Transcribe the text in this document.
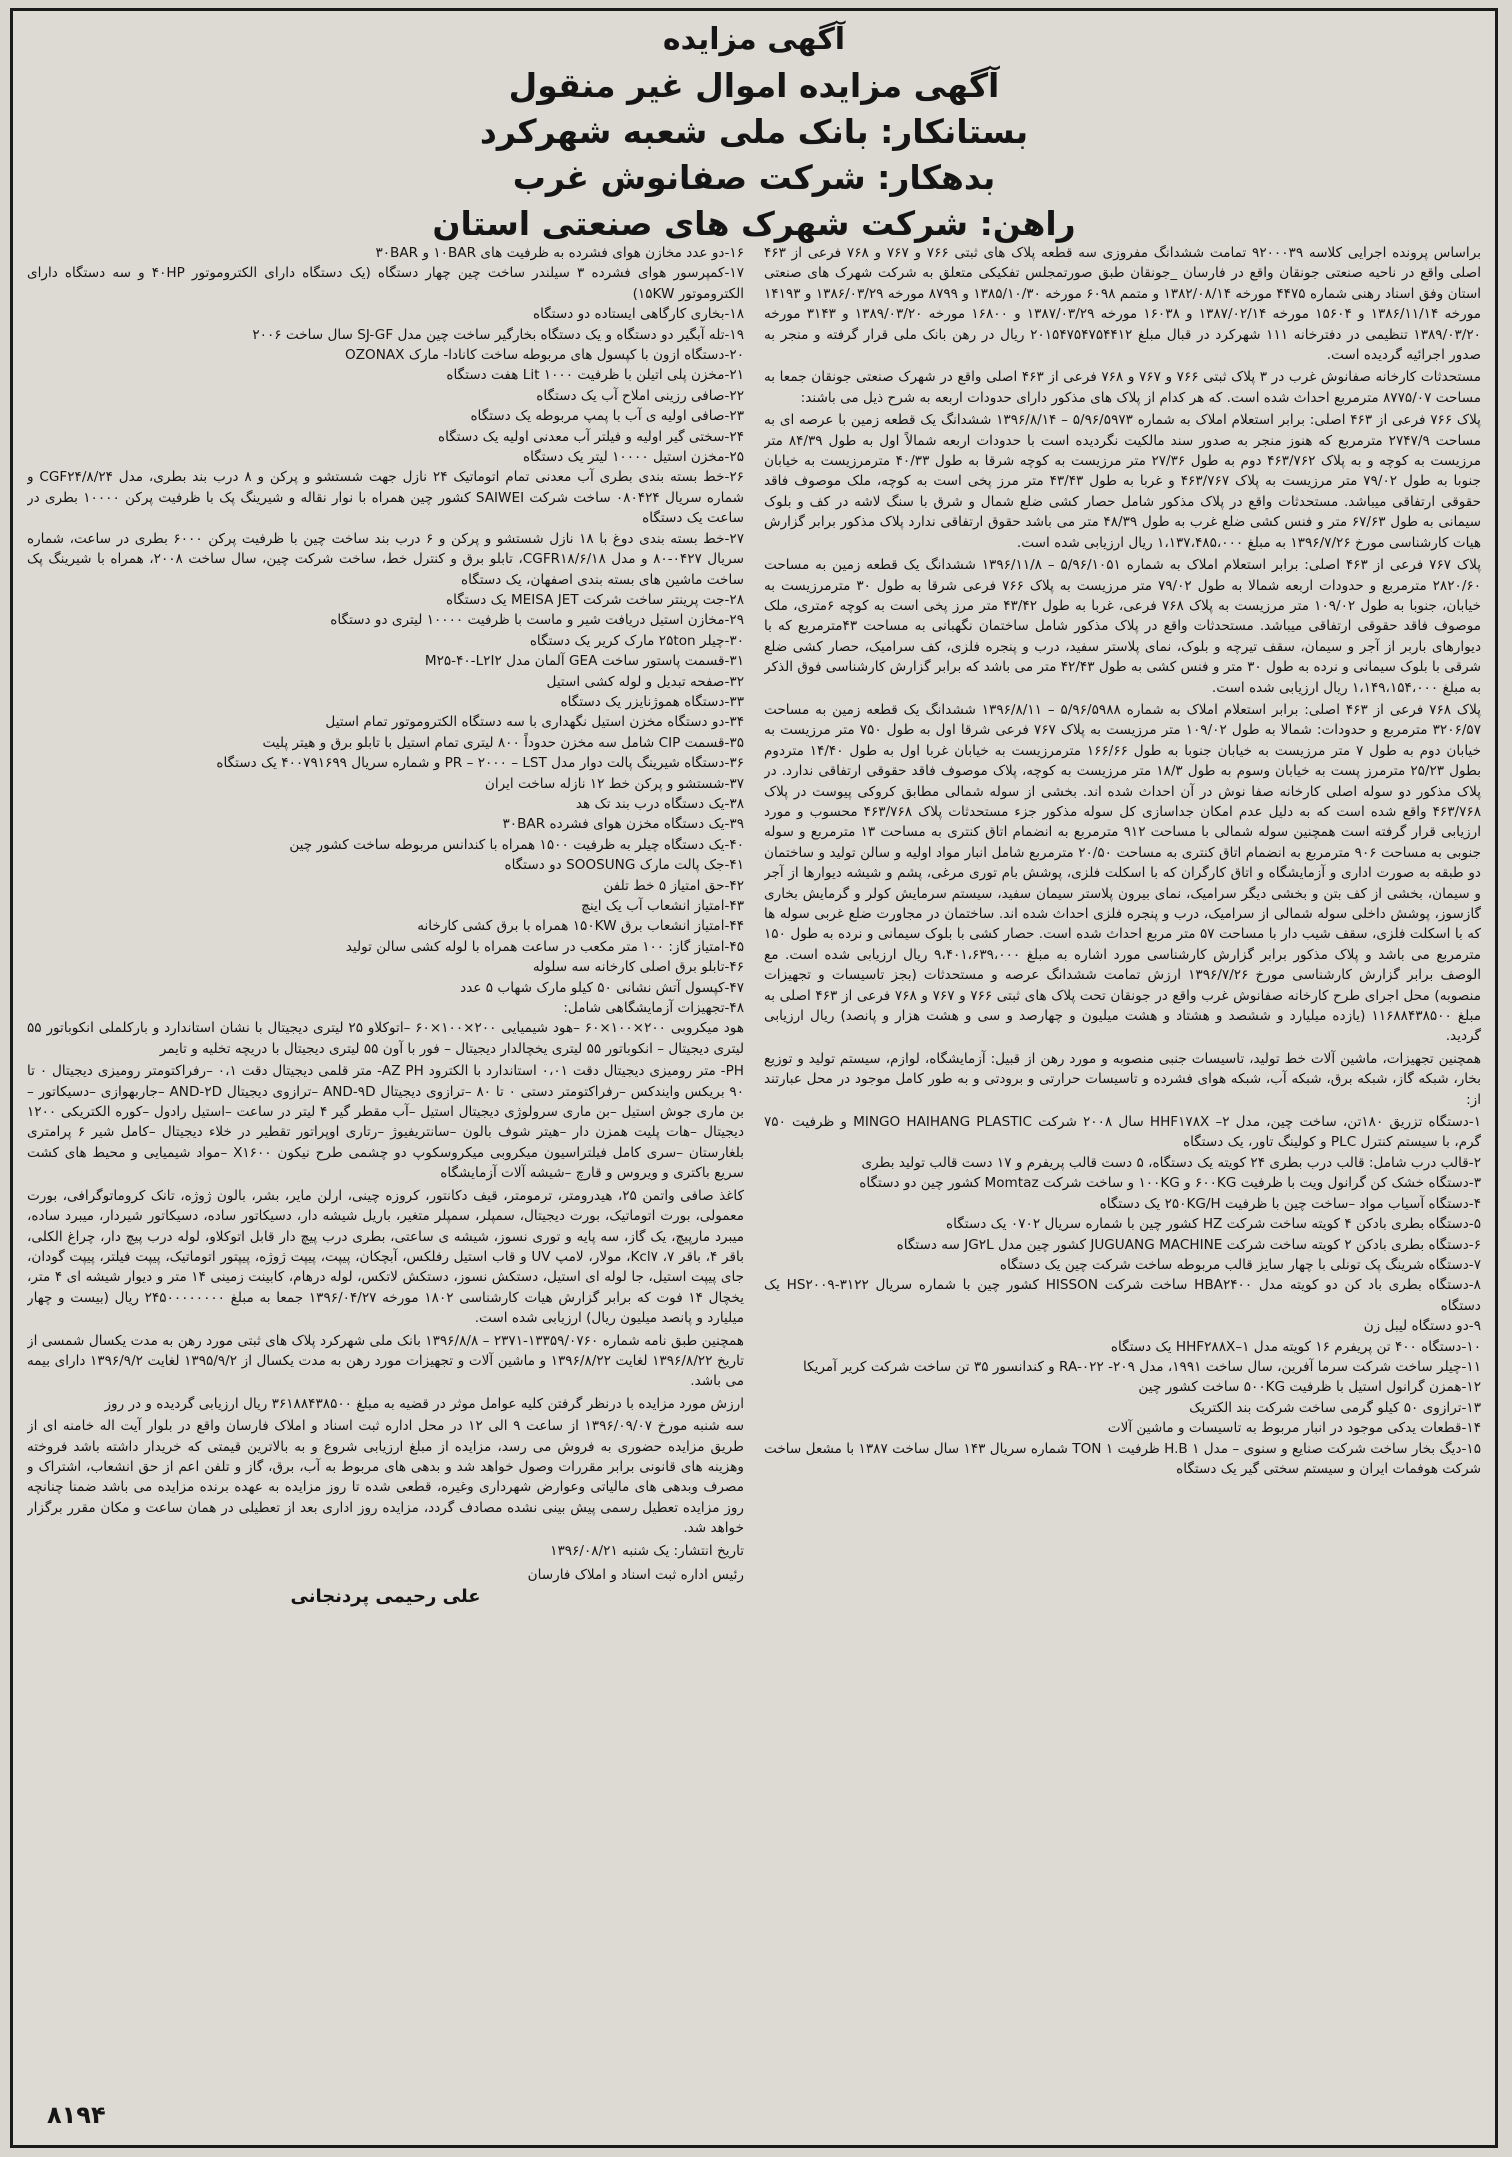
آگهی مزایده
آگهی مزایده اموال غیر منقول
بستانکار: بانک ملی شعبه شهرکرد
بدهکار: شرکت صفانوش غرب
راهن: شرکت شهرک های صنعتی استان

براساس پرونده اجرایی کلاسه ۹۲۰۰۰۳۹ تمامت ششدانگ مفروزی سه قطعه پلاک های ثبتی ۷۶۶ و ۷۶۷ و ۷۶۸ فرعی از ۴۶۳ اصلی واقع در ناحیه صنعتی جونقان واقع در فارسان _جونقان طبق صورتمجلس تفکیکی متعلق به شرکت شهرک های صنعتی استان وفق اسناد رهنی شماره ۴۴۷۵ مورخه ۱۳۸۲/۰۸/۱۴ و متمم ۶۰۹۸ مورخه ۱۳۸۵/۱۰/۳۰ و ۸۷۹۹ مورخه ۱۳۸۶/۰۳/۲۹ و ۱۴۱۹۳ مورخه ۱۳۸۶/۱۱/۱۴ و ۱۵۶۰۴ مورخه ۱۳۸۷/۰۲/۱۴ و ۱۶۰۳۸ مورخه ۱۳۸۷/۰۳/۲۹ و ۱۶۸۰۰ مورخه ۱۳۸۹/۰۳/۲۰ و ۳۱۴۳ مورخه ۱۳۸۹/۰۳/۲۰ تنظیمی در دفترخانه ۱۱۱ شهرکرد در قبال مبلغ ۲۰۱۵۴۷۵۴۷۵۴۴۱۲ ریال در رهن بانک ملی قرار گرفته و منجر به صدور اجرائیه گردیده است.

مستحدثات کارخانه صفانوش غرب در ۳ پلاک ثبتی ۷۶۶ و ۷۶۷ و ۷۶۸ فرعی از ۴۶۳ اصلی واقع در شهرک صنعتی جونقان جمعا به مساحت ۸۷۷۵/۰۷ مترمربع احداث شده است. که هر کدام از پلاک های مذکور دارای حدودات اربعه به شرح ذیل می باشند:

پلاک ۷۶۶ فرعی از ۴۶۳ اصلی: برابر استعلام املاک به شماره ۵/۹۶/۵۹۷۳ – ۱۳۹۶/۸/۱۴ ششدانگ یک قطعه زمین با عرصه ای به مساحت ۲۷۴۷/۹ مترمربع که هنوز منجر به صدور سند مالکیت نگردیده است با حدودات اربعه شمالاً اول به طول ۸۴/۳۹ متر مرزیست به کوچه و به پلاک ۴۶۳/۷۶۲ دوم به طول ۲۷/۳۶ متر مرزیست به کوچه شرقا به طول ۴۰/۳۳ مترمرزیست به خیابان جنوبا به طول ۷۹/۰۲ متر مرزیست به پلاک ۴۶۳/۷۶۷ و غربا به طول ۴۳/۴۳ متر مرز پخی است به کوچه، ملک موصوف فاقد حقوقی ارتفاقی میباشد. مستحدثات واقع در پلاک مذکور شامل حصار کشی ضلع شمال و شرق با سنگ لاشه در کف و بلوک سیمانی به طول ۶۷/۶۳ متر و فنس کشی ضلع غرب به طول ۴۸/۳۹ متر می باشد حقوق ارتفاقی ندارد پلاک مذکور برابر گزارش هیات کارشناسی مورخ ۱۳۹۶/۷/۲۶ به مبلغ ۱،۱۳۷،۴۸۵،۰۰۰ ریال ارزیابی شده است.

پلاک ۷۶۷ فرعی از ۴۶۳ اصلی: برابر استعلام املاک به شماره ۵/۹۶/۱۰۵۱ – ۱۳۹۶/۱۱/۸ ششدانگ یک قطعه زمین به مساحت ۲۸۲۰/۶۰ مترمربع و حدودات اربعه شمالا به طول ۷۹/۰۲ متر مرزیست به پلاک ۷۶۶ فرعی شرقا به طول ۳۰ مترمرزیست به خیابان، جنوبا به طول ۱۰۹/۰۲ متر مرزیست به پلاک ۷۶۸ فرعی، غربا به طول ۴۳/۴۲ متر مرز پخی است به کوچه ۶متری، ملک موصوف فاقد حقوقی ارتفاقی میباشد. مستحدثات واقع در پلاک مذکور شامل ساختمان نگهبانی به مساحت ۴۳مترمربع که با دیوارهای باربر از آجر و سیمان، سقف تیرچه و بلوک، نمای پلاستر سفید، درب و پنجره فلزی، کف سرامیک، حصار کشی ضلع شرقی با بلوک سیمانی و نرده به طول ۳۰ متر و فنس کشی به طول ۴۲/۴۳ متر می باشد که برابر گزارش کارشناسی فوق الذکر به مبلغ ۱،۱۴۹،۱۵۴،۰۰۰ ریال ارزیابی شده است.

پلاک ۷۶۸ فرعی از ۴۶۳ اصلی: برابر استعلام املاک به شماره ۵/۹۶/۵۹۸۸ – ۱۳۹۶/۸/۱۱ ششدانگ یک قطعه زمین به مساحت ۳۲۰۶/۵۷ مترمربع و حدودات: شمالا به طول ۱۰۹/۰۲ متر مرزیست به پلاک ۷۶۷ فرعی شرقا اول به طول ۷۵۰ متر مرزیست به خیابان دوم به طول ۷ متر مرزیست به خیابان جنوبا به طول ۱۶۶/۶۶ مترمرزیست به خیابان غربا اول به طول ۱۴/۴۰ متردوم بطول ۲۵/۲۳ مترمرز پست به خیابان وسوم به طول ۱۸/۳ متر مرزیست به کوچه، پلاک موصوف فاقد حقوقی ارتفاقی ندارد. در پلاک مذکور دو سوله اصلی کارخانه صفا نوش در آن احداث شده اند. بخشی از سوله شمالی مطابق کروکی پیوست در پلاک ۴۶۳/۷۶۸ واقع شده است که به دلیل عدم امکان جداسازی کل سوله مذکور جزء مستحدثات پلاک ۴۶۳/۷۶۸ محسوب و مورد ارزیابی قرار گرفته است همچنین سوله شمالی با مساحت ۹۱۲ مترمربع به انضمام اتاق کنتری به مساحت ۱۳ مترمربع و سوله جنوبی به مساحت ۹۰۶ مترمربع به انضمام اتاق کنتری به مساحت ۲۰/۵۰ مترمربع شامل انبار مواد اولیه و سالن تولید و ساختمان دو طبقه به صورت اداری و آزمایشگاه و اتاق کارگران که با اسکلت فلزی، پوشش بام توری مرغی، پشم و شیشه دیوارها از آجر و سیمان، بخشی از کف بتن و بخشی دیگر سرامیک، نمای بیرون پلاستر سیمان سفید، سیستم سرمایش کولر و گرمایش بخاری گازسوز، پوشش داخلی سوله شمالی از سرامیک، درب و پنجره فلزی احداث شده اند. ساختمان در مجاورت ضلع غربی سوله ها که با اسکلت فلزی، سقف شیب دار با مساحت ۵۷ متر مربع احداث شده است. حصار کشی با بلوک سیمانی و نرده به طول ۱۵۰ مترمربع می باشد و پلاک مذکور برابر گزارش کارشناسی مورد اشاره به مبلغ ۹،۴۰۱،۶۳۹،۰۰۰ ریال ارزیابی شده است. مع الوصف برابر گزارش کارشناسی مورخ ۱۳۹۶/۷/۲۶ ارزش تمامت ششدانگ عرصه و مستحدثات (بجز تاسیسات و تجهیزات منصوبه) محل اجرای طرح کارخانه صفانوش غرب واقع در جونقان تحت پلاک های ثبتی ۷۶۶ و ۷۶۷ و ۷۶۸ فرعی از ۴۶۳ اصلی به مبلغ ۱۱۶۸۸۴۳۸۵۰۰ (یازده میلیارد و ششصد و هشتاد و هشت میلیون و چهارصد و سی و هشت هزار و پانصد) ریال ارزیابی گردید.

همچنین تجهیزات، ماشین آلات خط تولید، تاسیسات جنبی منصوبه و مورد رهن از قبیل: آزمایشگاه، لوازم، سیستم تولید و توزیع بخار، شبکه گاز، شبکه برق، شبکه آب، شبکه هوای فشرده و تاسیسات حرارتی و برودتی و به طور کامل موجود در محل عبارتند از:

۱-دستگاه تزریق ۱۸۰تن، ساخت چین، مدل HHF۱۷۸X –۲ سال ۲۰۰۸ شرکت MINGO HAIHANG PLASTIC و ظرفیت ۷۵۰ گرم، با سیستم کنترل PLC و کولینگ تاور، یک دستگاه
۲-قالب درب شامل: قالب درب بطری ۲۴ کویته یک دستگاه، ۵ دست قالب پریفرم و ۱۷ دست قالب تولید بطری
۳-دستگاه خشک کن گرانول ویت با ظرفیت ۶۰۰KG و ۱۰۰KG و ساخت شرکت Momtaz کشور چین دو دستگاه
۴-دستگاه آسیاب مواد –ساخت چین با ظرفیت ۲۵۰KG/H یک دستگاه
۵-دستگاه بطری بادکن ۴ کویته ساخت شرکت HZ کشور چین با شماره سریال ۰۷۰۲ یک دستگاه
۶-دستگاه بطری بادکن ۲ کویته ساخت شرکت JUGUANG MACHINE کشور چین مدل JG۲L سه دستگاه
۷-دستگاه شرینگ پک تونلی با چهار سایز قالب مربوطه ساخت شرکت چین یک دستگاه
۸-دستگاه بطری باد کن دو کویته مدل HBA۲۴۰۰ ساخت شرکت HISSON کشور چین با شماره سریال HS۲۰۰۹-۳۱۲۲ یک دستگاه
۹-دو دستگاه لیبل زن
۱۰-دستگاه ۴۰۰ تن پریفرم ۱۶ کویته مدل HHF۲۸۸X–۱ یک دستگاه
۱۱-چیلر ساخت شرکت سرما آفرین، سال ساخت ۱۹۹۱، مدل RA-۰۲۲ -۲۰۹ و کندانسور ۳۵ تن ساخت شرکت کریر آمریکا
۱۲-همزن گرانول استیل با ظرفیت ۵۰۰KG ساخت کشور چین
۱۳-ترازوی ۵۰ کیلو گرمی ساخت شرکت بند الکتریک
۱۴-قطعات یدکی موجود در انبار مربوط به تاسیسات و ماشین آلات
۱۵-دیگ بخار ساخت شرکت صنایع و سنوی – مدل H.B ۱ ظرفیت ۱ TON شماره سریال ۱۴۳ سال ساخت ۱۳۸۷ با مشعل ساخت شرکت هوفمات ایران و سیستم سختی گیر یک دستگاه
۱۶-دو عدد مخازن هوای فشرده به ظرفیت های ۱۰BAR و ۳۰BAR
۱۷-کمپرسور هوای فشرده ۳ سیلندر ساخت چین چهار دستگاه (یک دستگاه دارای الکتروموتور ۴۰HP و سه دستگاه دارای الکتروموتور ۱۵KW)
۱۸-بخاری کارگاهی ایستاده دو دستگاه
۱۹-تله آبگیر دو دستگاه و یک دستگاه بخارگیر ساخت چین مدل SJ-GF سال ساخت ۲۰۰۶
۲۰-دستگاه ازون با کپسول های مربوطه ساخت کانادا- مارک OZONAX
۲۱-مخزن پلی اتیلن با ظرفیت ۱۰۰۰ Lit هفت دستگاه
۲۲-صافی رزینی املاح آب یک دستگاه
۲۳-صافی اولیه ی آب با پمپ مربوطه یک دستگاه
۲۴-سختی گیر اولیه و فیلتر آب معدنی اولیه یک دستگاه
۲۵-مخزن استیل ۱۰۰۰۰ لیتر یک دستگاه
۲۶-خط بسته بندی بطری آب معدنی تمام اتوماتیک ۲۴ نازل جهت شستشو و پرکن و ۸ درب بند بطری، مدل CGF۲۴/۸/۲۴ و شماره سریال ۰۸۰۴۲۴ ساخت شرکت SAIWEI کشور چین همراه با نوار نقاله و شیرینگ پک با ظرفیت پرکن ۱۰۰۰۰ بطری در ساعت یک دستگاه
۲۷-خط بسته بندی دوغ با ۱۸ نازل شستشو و پرکن و ۶ درب بند ساخت چین با ظرفیت پرکن ۶۰۰۰ بطری در ساعت، شماره سریال ۰۴۲۷-۸۰ و مدل ۶/۱۸/CGFR۱۸، تابلو برق و کنترل خط، ساخت شرکت چین، سال ساخت ۲۰۰۸، همراه با شیرینگ پک ساخت ماشین های بسته بندی اصفهان، یک دستگاه
۲۸-جت پرینتر ساخت شرکت MEISA JET یک دستگاه
۲۹-مخازن استیل دریافت شیر و ماست با ظرفیت ۱۰۰۰۰ لیتری دو دستگاه
۳۰-چیلر ۲۵ton مارک کریر یک دستگاه
۳۱-قسمت پاستور ساخت GEA آلمان مدل M۲۵-۴۰-L۲I۲
۳۲-صفحه تبدیل و لوله کشی استیل
۳۳-دستگاه هموژنایزر یک دستگاه
۳۴-دو دستگاه مخزن استیل نگهداری با سه دستگاه الکتروموتور تمام استیل
۳۵-قسمت CIP شامل سه مخزن حدوداً ۸۰۰ لیتری تمام استیل با تابلو برق و هیتر پلیت
۳۶-دستگاه شیرینگ پالت دوار مدل PR – ۲۰۰۰ – LST و شماره سریال ۴۰۰۷۹۱۶۹۹ یک دستگاه
۳۷-شستشو و پرکن خط ۱۲ نازله ساخت ایران
۳۸-یک دستگاه درب بند تک هد
۳۹-یک دستگاه مخزن هوای فشرده ۳۰BAR
۴۰-یک دستگاه چیلر به ظرفیت ۱۵۰۰ همراه با کندانس مربوطه ساخت کشور چین
۴۱-جک پالت مارک SOOSUNG دو دستگاه
۴۲-حق امتیاز ۵ خط تلفن
۴۳-امتیاز انشعاب آب یک اینچ
۴۴-امتیاز انشعاب برق ۱۵۰KW همراه با برق کشی کارخانه
۴۵-امتیاز گاز: ۱۰۰ متر مکعب در ساعت همراه با لوله کشی سالن تولید
۴۶-تابلو برق اصلی کارخانه سه سلوله
۴۷-کپسول آتش نشانی ۵۰ کیلو مارک شهاب ۵ عدد
۴۸-تجهیزات آزمایشگاهی شامل:

هود میکروبی ۲۰۰×۱۰۰×۶۰ –هود شیمیایی ۲۰۰×۱۰۰×۶۰ –اتوکلاو ۲۵ لیتری دیجیتال با نشان استاندارد و بارکلملی انکوباتور ۵۵ لیتری دیجیتال – انکوباتور ۵۵ لیتری یخچالدار دیجیتال – فور با آون ۵۵ لیتری دیجیتال با دریچه تخلیه و تایمر

PH- متر رومیزی دیجیتال دقت ۰،۰۱ استاندارد با الکترود AZ PH- متر قلمی دیجیتال دقت ۰،۱ –رفراکتومتر رومیزی دیجیتال ۰ تا ۹۰ بریکس وایندکس –رفراکتومتر دستی ۰ تا ۸۰ –ترازوی دیجیتال AND-۹D –ترازوی دیجیتال AND-۲D –جاربهوازی –دسیکاتور –بن ماری جوش استیل –بن ماری سرولوژی دیجیتال استیل –آب مقطر گیر ۴ لیتر در ساعت –استیل رادول –کوره الکتریکی ۱۲۰۰ دیجیتال –هات پلیت همزن دار –هیتر شوف بالون –سانتریفیوژ –رتاری اوپراتور تقطیر در خلاء دیجیتال –کامل شیر ۶ پرامتری بلغارستان –سری کامل فیلتراسیون میکروبی میکروسکوپ دو چشمی طرح نیکون X۱۶۰۰ –مواد شیمیایی و محیط های کشت سریع باکتری و ویروس و قارچ –شیشه آلات آزمایشگاه

کاغذ صافی واتمن ۲۵، هیدرومتر، ترمومتر، قیف دکانتور، کروزه چینی، ارلن مایر، بشر، بالون ژوژه، تانک کروماتوگرافی، بورت معمولی، بورت اتوماتیک، بورت دیجیتال، سمپلر، سمپلر متغیر، باریل شیشه دار، دسیکاتور ساده، دسیکاتور شیردار، میبرد ساده، میبرد مارپیچ، یک گاز، سه پایه و توری نسوز، شیشه ی ساعتی، بطری درب پیچ دار قابل اتوکلاو، لوله درب پیچ دار، چراغ الکلی، باقر ۴، باقر ۷، Kcl۷، مولار، لامپ UV و قاب استیل رفلکس، آبچکان، پیپت، پیپت ژوژه، پیپتور اتوماتیک، پیپت فیلتر، پیپت گودان، جای پیپت استیل، جا لوله ای استیل، دستکش نسوز، دستکش لاتکس، لوله درهام، کابینت زمینی ۱۴ متر و دیوار شیشه ای ۴ متر، یخچال ۱۴ فوت که برابر گزارش هیات کارشناسی ۱۸۰۲ مورخه ۱۳۹۶/۰۴/۲۷ جمعا به مبلغ ۲۴۵۰۰۰۰۰۰۰۰ ریال (بیست و چهار میلیارد و پانصد میلیون ریال) ارزیابی شده است.

همچنین طبق نامه شماره ۱۳۳۵۹/۰۷۶۰-۲۳۷۱ – ۱۳۹۶/۸/۸ بانک ملی شهرکرد پلاک های ثبتی مورد رهن به مدت یکسال شمسی از تاریخ ۱۳۹۶/۸/۲۲ لغایت ۱۳۹۶/۸/۲۲ و ماشین آلات و تجهیزات مورد رهن به مدت یکسال از ۱۳۹۵/۹/۲ لغایت ۱۳۹۶/۹/۲ دارای بیمه می باشد.

ارزش مورد مزایده با درنظر گرفتن کلیه عوامل موثر در قضیه به مبلغ ۳۶۱۸۸۴۳۸۵۰۰ ریال ارزیابی گردیده و در روز

سه شنبه مورخ ۱۳۹۶/۰۹/۰۷ از ساعت ۹ الی ۱۲ در محل اداره ثبت اسناد و املاک فارسان واقع در بلوار آیت اله خامنه ای از طریق مزایده حضوری به فروش می رسد، مزایده از مبلغ ارزیابی شروع و به بالاترین قیمتی که خریدار داشته باشد فروخته وهزینه های قانونی برابر مقررات وصول خواهد شد و بدهی های مربوط به آب، برق، گاز و تلفن اعم از حق انشعاب، اشتراک و مصرف وبدهی های مالیاتی وعوارض شهرداری وغیره، قطعی شده تا روز مزایده به عهده برنده مزایده می باشد ضمنا چنانچه روز مزایده تعطیل رسمی پیش بینی نشده مصادف گردد، مزایده روز اداری بعد از تعطیلی در همان ساعت و مکان مقرر برگزار خواهد شد.

تاریخ انتشار: یک شنبه ۱۳۹۶/۰۸/۲۱

رئیس اداره ثبت اسناد و املاک فارسان
علی رحیمی پردنجانی
۸۱۹۴
